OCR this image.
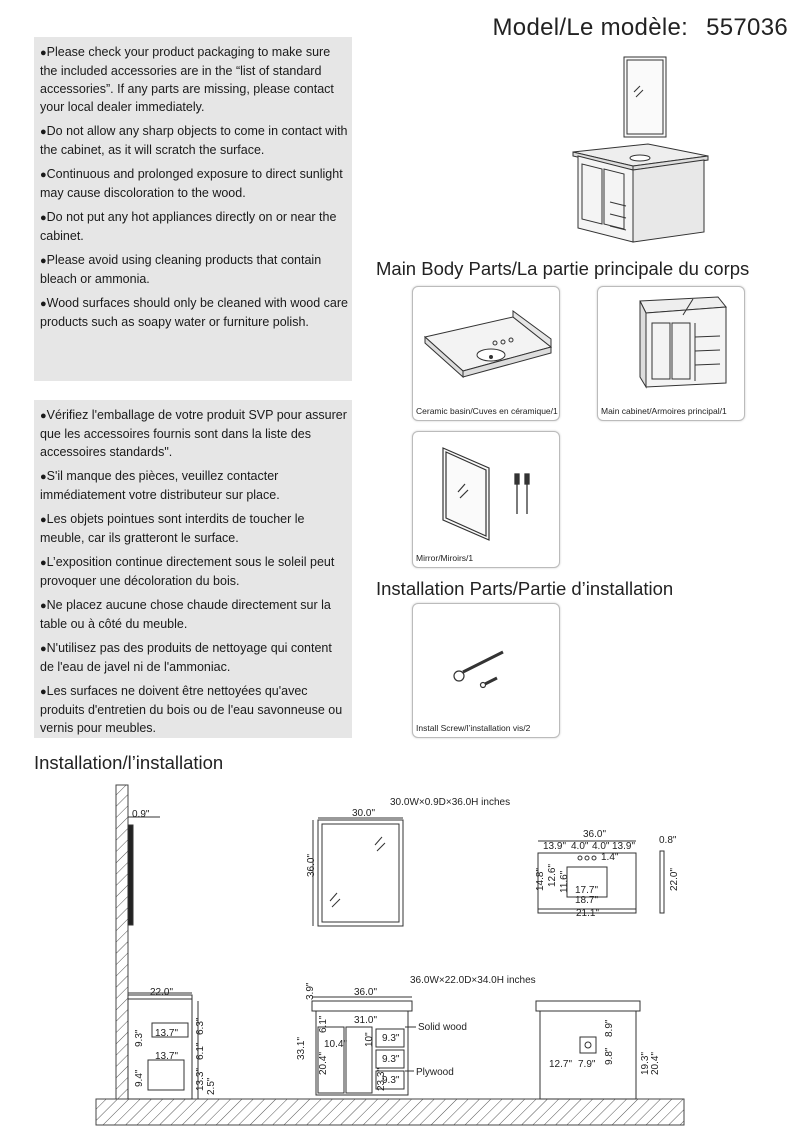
Model/Le modèle: 557036

● Please check your product packaging to make sure the included accessories are in the “list of standard accessories”. If any parts are missing, please contact your local dealer immediately.

● Do not allow any sharp objects to come in contact with the cabinet, as it will scratch the surface.

● Continuous and prolonged exposure to direct sunlight may cause discoloration to the wood.

● Do not put any hot appliances directly on or near the cabinet.

● Please avoid using cleaning products that contain bleach or ammonia.

● Wood surfaces should only be cleaned with wood care products such as soapy water or furniture polish.

● Vérifiez l'emballage de votre produit SVP pour assurer que les accessoires fournis sont dans la liste des accessoires standards".

● S'il manque des pièces, veuillez contacter immédiatement votre distributeur sur place.

● Les objets pointues sont interdits de toucher le meuble, car ils gratteront le surface.

● L’exposition continue directement sous le soleil peut provoquer une décoloration du bois.

● Ne placez aucune chose chaude directement sur la table ou à côté du meuble.

● N'utilisez pas des produits de nettoyage qui content de l'eau de javel ni de l'ammoniac.

● Les surfaces ne doivent être nettoyées qu'avec produits d'entretien du bois ou de l'eau savonneuse ou vernis pour meubles.

Main Body Parts/La partie principale du corps
Installation Parts/Partie d’installation
Installation/l’installation
Ceramic basin/Cuves en céramique/1	Main cabinet/Armoires principal/1
Mirror/Miroirs/1
Install Screw/l’installation vis/2
0.9"
22.0"
13.7"
13.7"
6.3"
6.1"
9.3"
9.4"	13.3" 2.5"
30.0W×0.9D×36.0H inches
30.0"
36.0"
36.0"
13.9" 4.0" 4.0" 13.9"
1.4"
17.7"
18.7"
21.1"
14.8" 12.6" 11.6"
0.8"
22.0"
36.0W×22.0D×34.0H inches
36.0"
31.0"
3.9"
33.1"
6.1"
20.4"
10.4" 10" 9.3"
9.3"
9.3"
23.3"
Solid wood
Plywood
8.9"
9.8"
12.7" 7.9"	19.3" 20.4"
